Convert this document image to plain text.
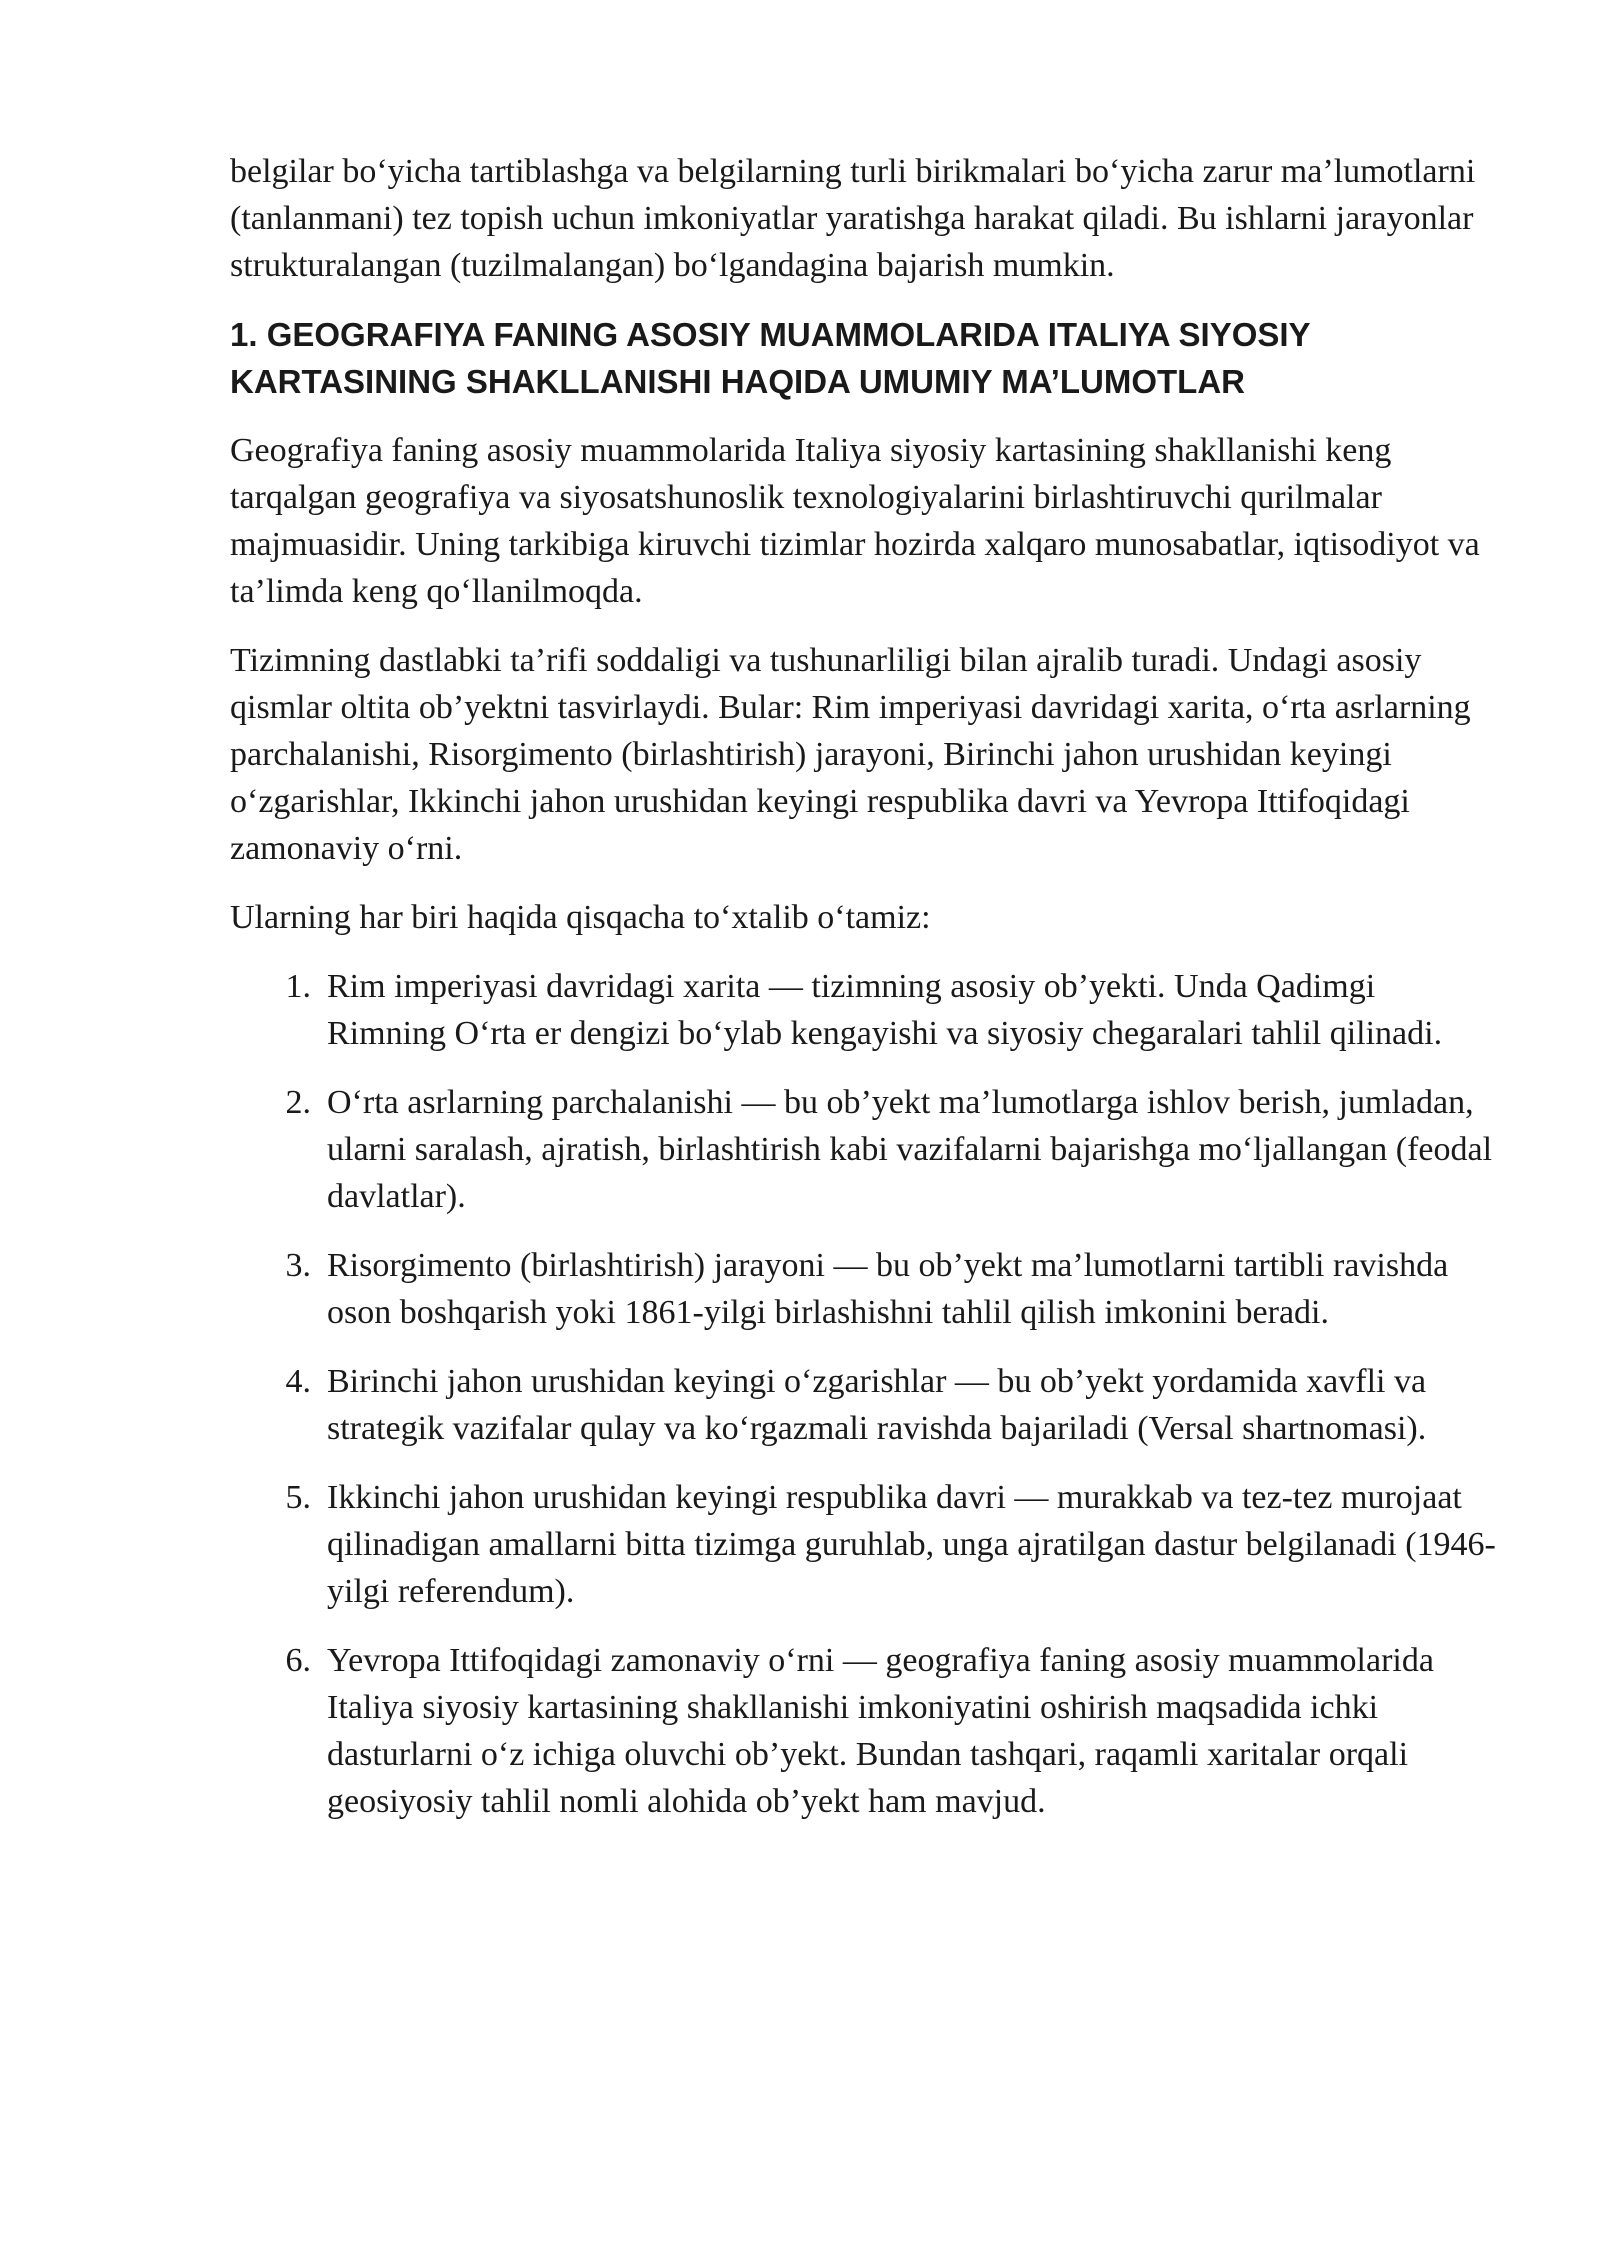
belgilar bo‘yicha tartiblashga va belgilarning turli birikmalari bo‘yicha zarur ma’lumotlarni (tanlanmani) tez topish uchun imkoniyatlar yaratishga harakat qiladi. Bu ishlarni jarayonlar strukturalangan (tuzilmalangan) bo‘lgandagina bajarish mumkin.

1. GEOGRAFIYA FANING ASOSIY MUAMMOLARIDA ITALIYA SIYOSIY KARTASINING SHAKLLANISHI HAQIDA UMUMIY MA’LUMOTLAR

Geografiya faning asosiy muammolarida Italiya siyosiy kartasining shakllanishi keng tarqalgan geografiya va siyosatshunoslik texnologiyalarini birlashtiruvchi qurilmalar majmuasidir. Uning tarkibiga kiruvchi tizimlar hozirda xalqaro munosabatlar, iqtisodiyot va ta’limda keng qo‘llanilmoqda.

Tizimning dastlabki ta’rifi soddaligi va tushunarliligi bilan ajralib turadi. Undagi asosiy qismlar oltita ob’yektni tasvirlaydi. Bular: Rim imperiyasi davridagi xarita, o‘rta asrlarning parchalanishi, Risorgimento (birlashtirish) jarayoni, Birinchi jahon urushidan keyingi o‘zgarishlar, Ikkinchi jahon urushidan keyingi respublika davri va Yevropa Ittifoqidagi zamonaviy o‘rni.

Ularning har biri haqida qisqacha to‘xtalib o‘tamiz:

1. Rim imperiyasi davridagi xarita — tizimning asosiy ob’yekti. Unda Qadimgi Rimning O‘rta er dengizi bo‘ylab kengayishi va siyosiy chegaralari tahlil qilinadi.
2. O‘rta asrlarning parchalanishi — bu ob’yekt ma’lumotlarga ishlov berish, jumladan, ularni saralash, ajratish, birlashtirish kabi vazifalarni bajarishga mo‘ljallangan (feodal davlatlar).
3. Risorgimento (birlashtirish) jarayoni — bu ob’yekt ma’lumotlarni tartibli ravishda oson boshqarish yoki 1861-yilgi birlashishni tahlil qilish imkonini beradi.
4. Birinchi jahon urushidan keyingi o‘zgarishlar — bu ob’yekt yordamida xavfli va strategik vazifalar qulay va ko‘rgazmali ravishda bajariladi (Versal shartnomasi).
5. Ikkinchi jahon urushidan keyingi respublika davri — murakkab va tez-tez murojaat qilinadigan amallarni bitta tizimga guruhlab, unga ajratilgan dastur belgilanadi (1946-yilgi referendum).
6. Yevropa Ittifoqidagi zamonaviy o‘rni — geografiya faning asosiy muammolarida Italiya siyosiy kartasining shakllanishi imkoniyatini oshirish maqsadida ichki dasturlarni o‘z ichiga oluvchi ob’yekt. Bundan tashqari, raqamli xaritalar orqali geosiyosiy tahlil nomli alohida ob’yekt ham mavjud.
